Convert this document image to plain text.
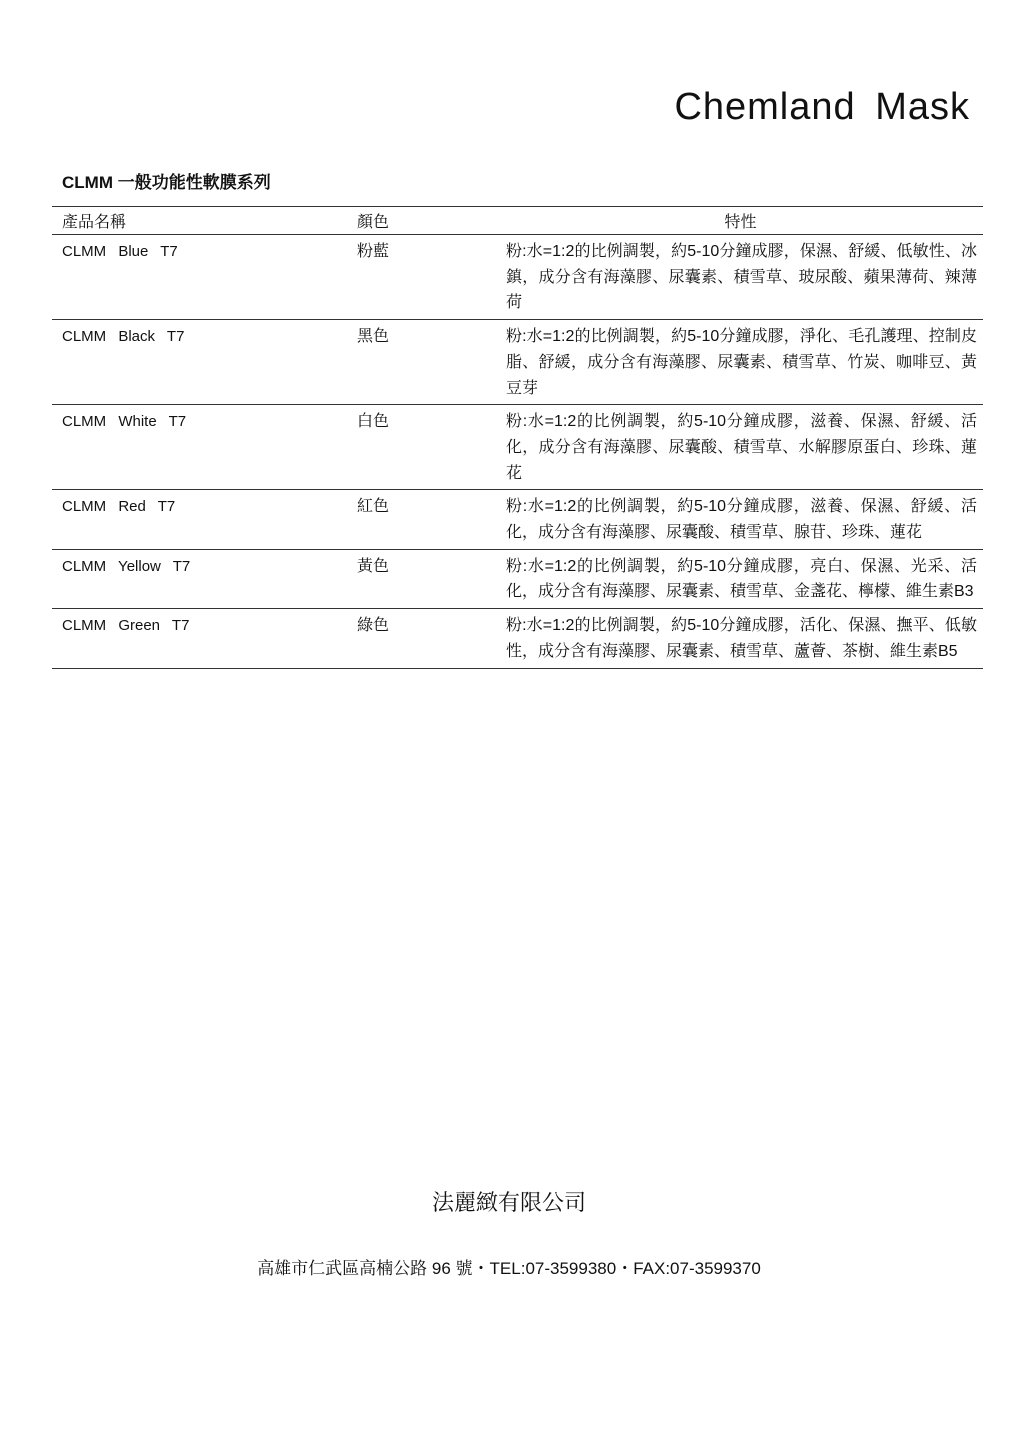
Chemland Mask
CLMM 一般功能性軟膜系列
產品名稱	顏色	特性
CLMM Blue T7	粉藍	粉:水=1:2的比例調製，約5-10分鐘成膠，保濕、舒緩、低敏性、冰鎮，成分含有海藻膠、尿囊素、積雪草、玻尿酸、蘋果薄荷、辣薄荷
CLMM Black T7	黑色	粉:水=1:2的比例調製，約5-10分鐘成膠，淨化、毛孔護理、控制皮脂、舒緩，成分含有海藻膠、尿囊素、積雪草、竹炭、咖啡豆、黃豆芽
CLMM White T7	白色	粉:水=1:2的比例調製，約5-10分鐘成膠，滋養、保濕、舒緩、活化，成分含有海藻膠、尿囊酸、積雪草、水解膠原蛋白、珍珠、蓮花
CLMM Red T7	紅色	粉:水=1:2的比例調製，約5-10分鐘成膠，滋養、保濕、舒緩、活化，成分含有海藻膠、尿囊酸、積雪草、腺苷、珍珠、蓮花
CLMM Yellow T7	黃色	粉:水=1:2的比例調製，約5-10分鐘成膠，亮白、保濕、光采、活化，成分含有海藻膠、尿囊素、積雪草、金盞花、檸檬、維生素B3
CLMM Green T7	綠色	粉:水=1:2的比例調製，約5-10分鐘成膠，活化、保濕、撫平、低敏性，成分含有海藻膠、尿囊素、積雪草、蘆薈、茶樹、維生素B5

法麗緻有限公司

高雄市仁武區高楠公路 96 號・TEL:07-3599380・FAX:07-3599370
